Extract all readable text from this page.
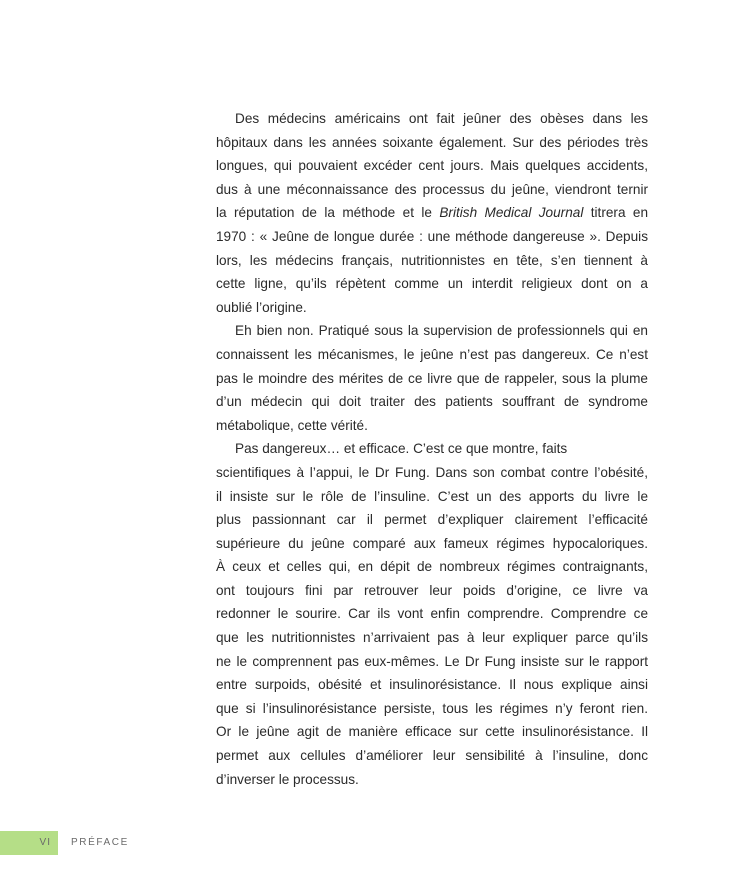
Des médecins américains ont fait jeûner des obèses dans les
hôpitaux dans les années soixante également. Sur des périodes très
longues, qui pouvaient excéder cent jours. Mais quelques accidents,
dus à une méconnaissance des processus du jeûne, viendront ternir
la réputation de la méthode et le British Medical Journal titrera en
1970 : « Jeûne de longue durée : une méthode dangereuse ». Depuis
lors, les médecins français, nutritionnistes en tête, s’en tiennent à
cette ligne, qu’ils répètent comme un interdit religieux dont on a
oublié l’origine.
Eh bien non. Pratiqué sous la supervision de professionnels qui en
connaissent les mécanismes, le jeûne n’est pas dangereux. Ce n’est
pas le moindre des mérites de ce livre que de rappeler, sous la plume
d’un médecin qui doit traiter des patients souffrant de syndrome
métabolique, cette vérité.
Pas dangereux… et efficace. C’est ce que montre, faits
scientifiques à l’appui, le Dr Fung. Dans son combat contre l’obésité,
il insiste sur le rôle de l’insuline. C’est un des apports du livre le
plus passionnant car il permet d’expliquer clairement l’efficacité
supérieure du jeûne comparé aux fameux régimes hypocaloriques.
À ceux et celles qui, en dépit de nombreux régimes contraignants,
ont toujours fini par retrouver leur poids d’origine, ce livre va
redonner le sourire. Car ils vont enfin comprendre. Comprendre ce
que les nutritionnistes n’arrivaient pas à leur expliquer parce qu’ils
ne le comprennent pas eux-mêmes. Le Dr Fung insiste sur le rapport
entre surpoids, obésité et insulinorésistance. Il nous explique ainsi
que si l’insulinorésistance persiste, tous les régimes n’y feront rien.
Or le jeûne agit de manière efficace sur cette insulinorésistance. Il
permet aux cellules d’améliorer leur sensibilité à l’insuline, donc
d’inverser le processus.
VI PRÉFACE
